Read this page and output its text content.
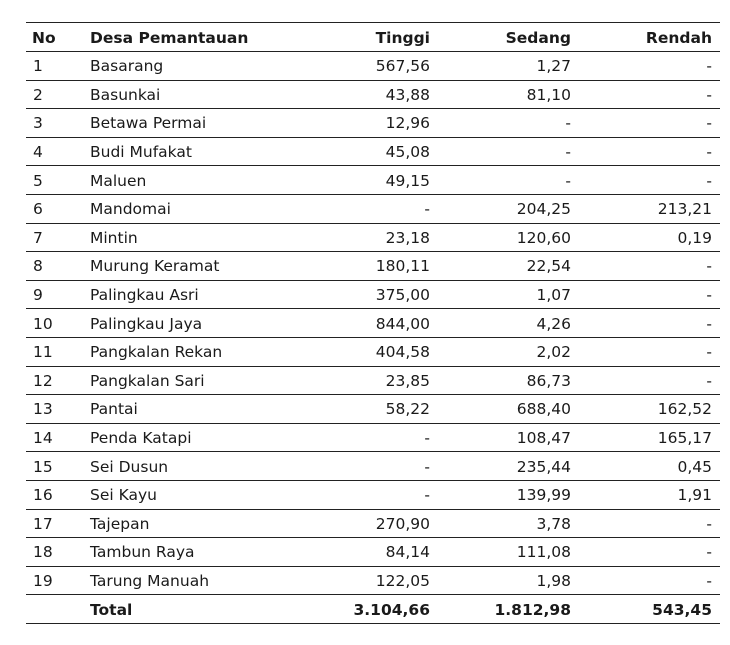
No	Desa Pemantauan	Tinggi	Sedang	Rendah
1	Basarang	567,56	1,27	-
2	Basunkai	43,88	81,10	-
3	Betawa Permai	12,96	-	-
4	Budi Mufakat	45,08	-	-
5	Maluen	49,15	-	-
6	Mandomai	-	204,25	213,21
7	Mintin	23,18	120,60	0,19
8	Murung Keramat	180,11	22,54	-
9	Palingkau Asri	375,00	1,07	-
10	Palingkau Jaya	844,00	4,26	-
11	Pangkalan Rekan	404,58	2,02	-
12	Pangkalan Sari	23,85	86,73	-
13	Pantai	58,22	688,40	162,52
14	Penda Katapi	-	108,47	165,17
15	Sei Dusun	-	235,44	0,45
16	Sei Kayu	-	139,99	1,91
17	Tajepan	270,90	3,78	-
18	Tambun Raya	84,14	111,08	-
19	Tarung Manuah	122,05	1,98	-
	Total	3.104,66	1.812,98	543,45
